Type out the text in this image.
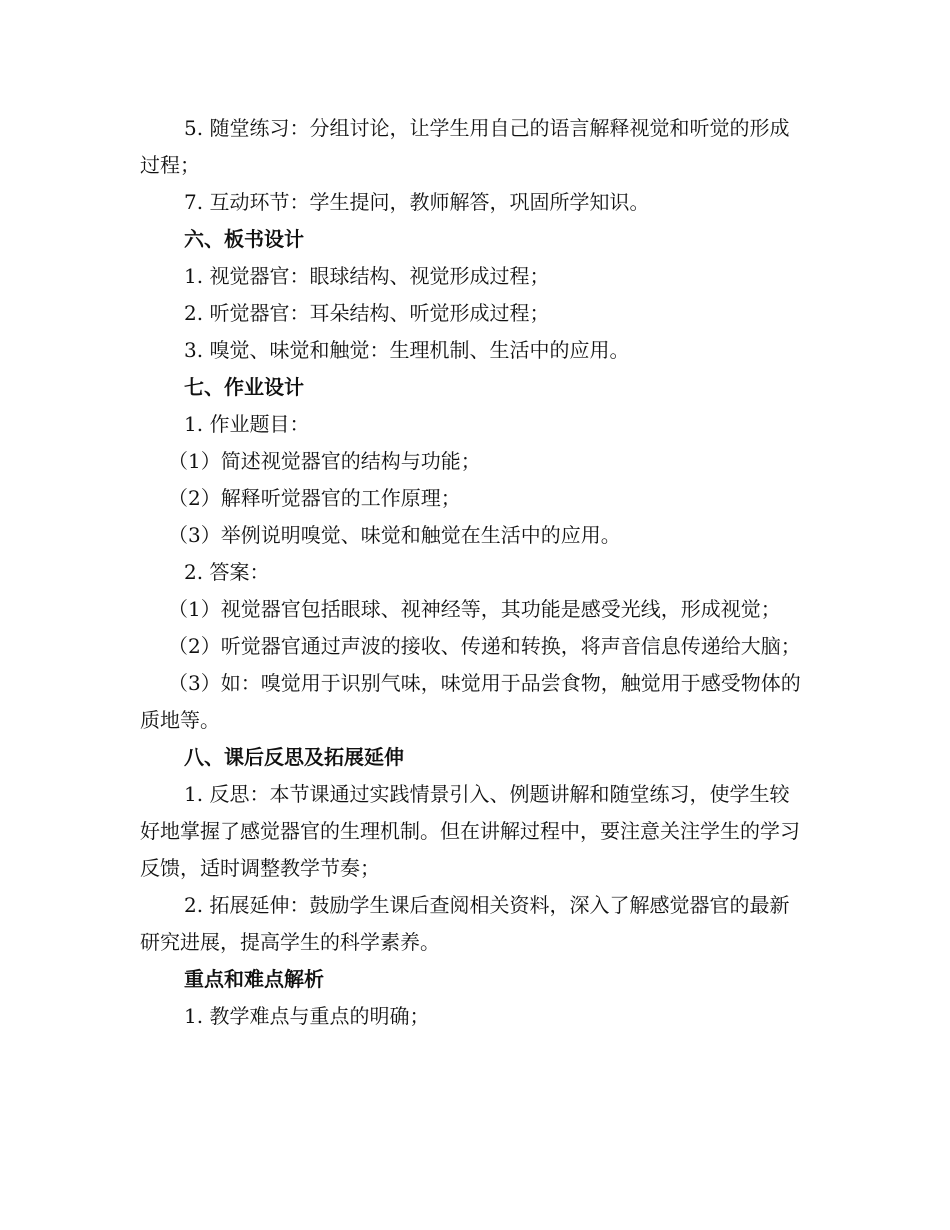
5. 随堂练习：分组讨论，让学生用自己的语言解释视觉和听觉的形成过程；

7. 互动环节：学生提问，教师解答，巩固所学知识。

六、板书设计

1. 视觉器官：眼球结构、视觉形成过程；

2. 听觉器官：耳朵结构、听觉形成过程；

3. 嗅觉、味觉和触觉：生理机制、生活中的应用。

七、作业设计

1. 作业题目：

（1）简述视觉器官的结构与功能；

（2）解释听觉器官的工作原理；

（3）举例说明嗅觉、味觉和触觉在生活中的应用。

2. 答案：

（1）视觉器官包括眼球、视神经等，其功能是感受光线，形成视觉；

（2）听觉器官通过声波的接收、传递和转换，将声音信息传递给大脑；

（3）如：嗅觉用于识别气味，味觉用于品尝食物，触觉用于感受物体的质地等。

八、课后反思及拓展延伸

1. 反思：本节课通过实践情景引入、例题讲解和随堂练习，使学生较好地掌握了感觉器官的生理机制。但在讲解过程中，要注意关注学生的学习反馈，适时调整教学节奏；

2. 拓展延伸：鼓励学生课后查阅相关资料，深入了解感觉器官的最新研究进展，提高学生的科学素养。

重点和难点解析

1. 教学难点与重点的明确；
